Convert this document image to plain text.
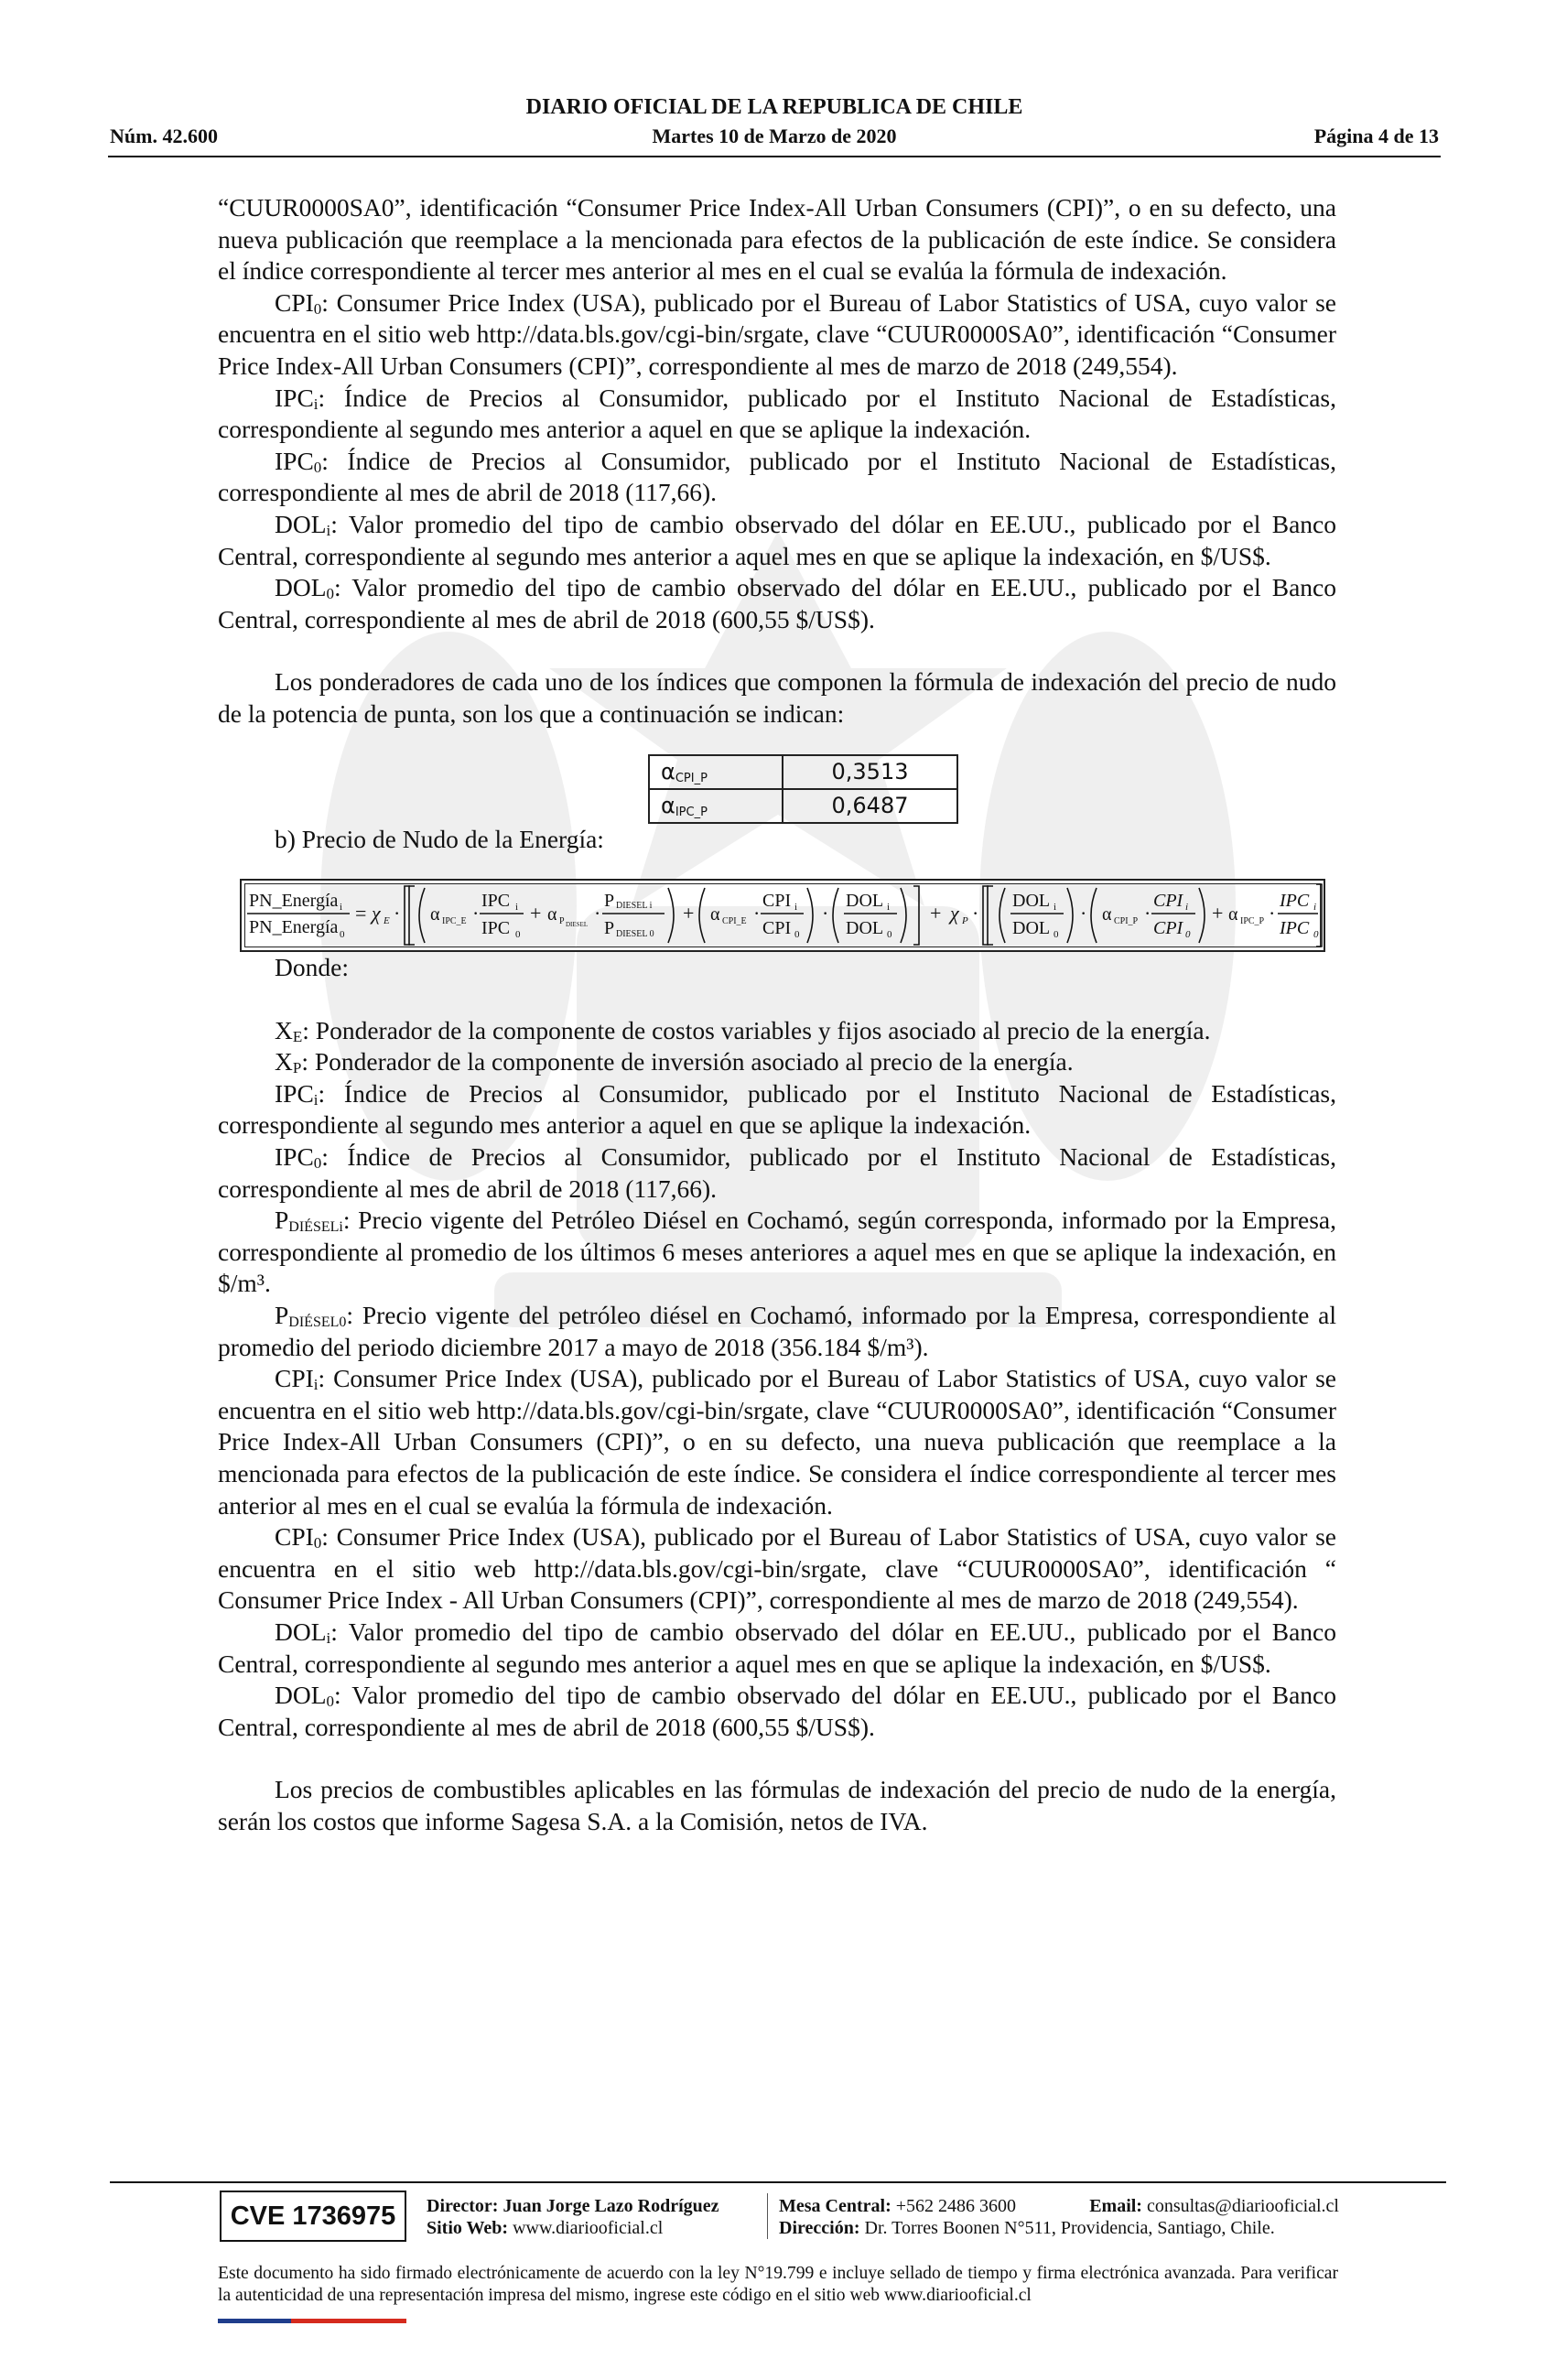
DIARIO OFICIAL DE LA REPUBLICA DE CHILE
Núm. 42.600	Martes 10 de Marzo de 2020	Página 4 de 13

“CUUR0000SA0”, identificación “Consumer Price Index-All Urban Consumers (CPI)”, o en su defecto, una nueva publicación que reemplace a la mencionada para efectos de la publicación de este índice. Se considera el índice correspondiente al tercer mes anterior al mes en el cual se evalúa la fórmula de indexación.

$CPI_0$: Consumer Price Index (USA), publicado por el Bureau of Labor Statistics of USA, cuyo valor se encuentra en el sitio web http://data.bls.gov/cgi-bin/srgate, clave “CUUR0000SA0”, identificación “Consumer Price Index-All Urban Consumers (CPI)”, correspondiente al mes de marzo de 2018 (249,554).

$IPC_i$: Índice de Precios al Consumidor, publicado por el Instituto Nacional de Estadísticas, correspondiente al segundo mes anterior a aquel en que se aplique la indexación.

$IPC_0$: Índice de Precios al Consumidor, publicado por el Instituto Nacional de Estadísticas, correspondiente al mes de abril de 2018 (117,66).

$DOL_i$: Valor promedio del tipo de cambio observado del dólar en EE.UU., publicado por el Banco Central, correspondiente al segundo mes anterior a aquel mes en que se aplique la indexación, en $/US$.

$DOL_0$: Valor promedio del tipo de cambio observado del dólar en EE.UU., publicado por el Banco Central, correspondiente al mes de abril de 2018 (600,55 $/US$).

Los ponderadores de cada uno de los índices que componen la fórmula de indexación del precio de nudo de la potencia de punta, son los que a continuación se indican:

$\alpha_{CPI\_P}$	0,3513
$\alpha_{IPC\_P}$	0,6487

b) Precio de Nudo de la Energía:

PN_Energía i
PN_Energía 0
= χ E · α IPC_E ·
IPC i
IPC 0
+ α P DIESEL ·
P DIESEL i
P DIESEL 0
+ α CPI_E ·
CPI i
CPI 0
·
DOL i
DOL 0
+ χ P ·
DOL i
DOL 0
· α CPI_P ·
CPI i
CPI 0
+ α IPC_P ·
IPC i
IPC 0

Donde:

$X_E$: Ponderador de la componente de costos variables y fijos asociado al precio de la energía.

$X_P$: Ponderador de la componente de inversión asociado al precio de la energía.

$IPC_i$: Índice de Precios al Consumidor, publicado por el Instituto Nacional de Estadísticas, correspondiente al segundo mes anterior a aquel en que se aplique la indexación.

$IPC_0$: Índice de Precios al Consumidor, publicado por el Instituto Nacional de Estadísticas, correspondiente al mes de abril de 2018 (117,66).

$P_{DIÉSELi}$: Precio vigente del Petróleo Diésel en Cochamó, según corresponda, informado por la Empresa, correspondiente al promedio de los últimos 6 meses anteriores a aquel mes en que se aplique la indexación, en $/m³.

$P_{DIÉSEL0}$: Precio vigente del petróleo diésel en Cochamó, informado por la Empresa, correspondiente al promedio del periodo diciembre 2017 a mayo de 2018 (356.184 $/m³).

$CPI_i$: Consumer Price Index (USA), publicado por el Bureau of Labor Statistics of USA, cuyo valor se encuentra en el sitio web http://data.bls.gov/cgi-bin/srgate, clave “CUUR0000SA0”, identificación “Consumer Price Index-All Urban Consumers (CPI)”, o en su defecto, una nueva publicación que reemplace a la mencionada para efectos de la publicación de este índice. Se considera el índice correspondiente al tercer mes anterior al mes en el cual se evalúa la fórmula de indexación.

$CPI_0$: Consumer Price Index (USA), publicado por el Bureau of Labor Statistics of USA, cuyo valor se encuentra en el sitio web http://data.bls.gov/cgi-bin/srgate, clave “CUUR0000SA0”, identificación “ Consumer Price Index - All Urban Consumers (CPI)”, correspondiente al mes de marzo de 2018 (249,554).

$DOL_i$: Valor promedio del tipo de cambio observado del dólar en EE.UU., publicado por el Banco Central, correspondiente al segundo mes anterior a aquel mes en que se aplique la indexación, en $/US$.

$DOL_0$: Valor promedio del tipo de cambio observado del dólar en EE.UU., publicado por el Banco Central, correspondiente al mes de abril de 2018 (600,55 $/US$).

Los precios de combustibles aplicables en las fórmulas de indexación del precio de nudo de la energía, serán los costos que informe Sagesa S.A. a la Comisión, netos de IVA.

CVE 1736975	Director: Juan Jorge Lazo Rodríguez
Sitio Web: www.diariooficial.cl
Mesa Central: +562 2486 3600	Email: consultas@diariooficial.cl
Dirección: Dr. Torres Boonen N°511, Providencia, Santiago, Chile.
Este documento ha sido firmado electrónicamente de acuerdo con la ley N°19.799 e incluye sellado de tiempo y firma electrónica avanzada. Para verificar la autenticidad de una representación impresa del mismo, ingrese este código en el sitio web www.diariooficial.cl
